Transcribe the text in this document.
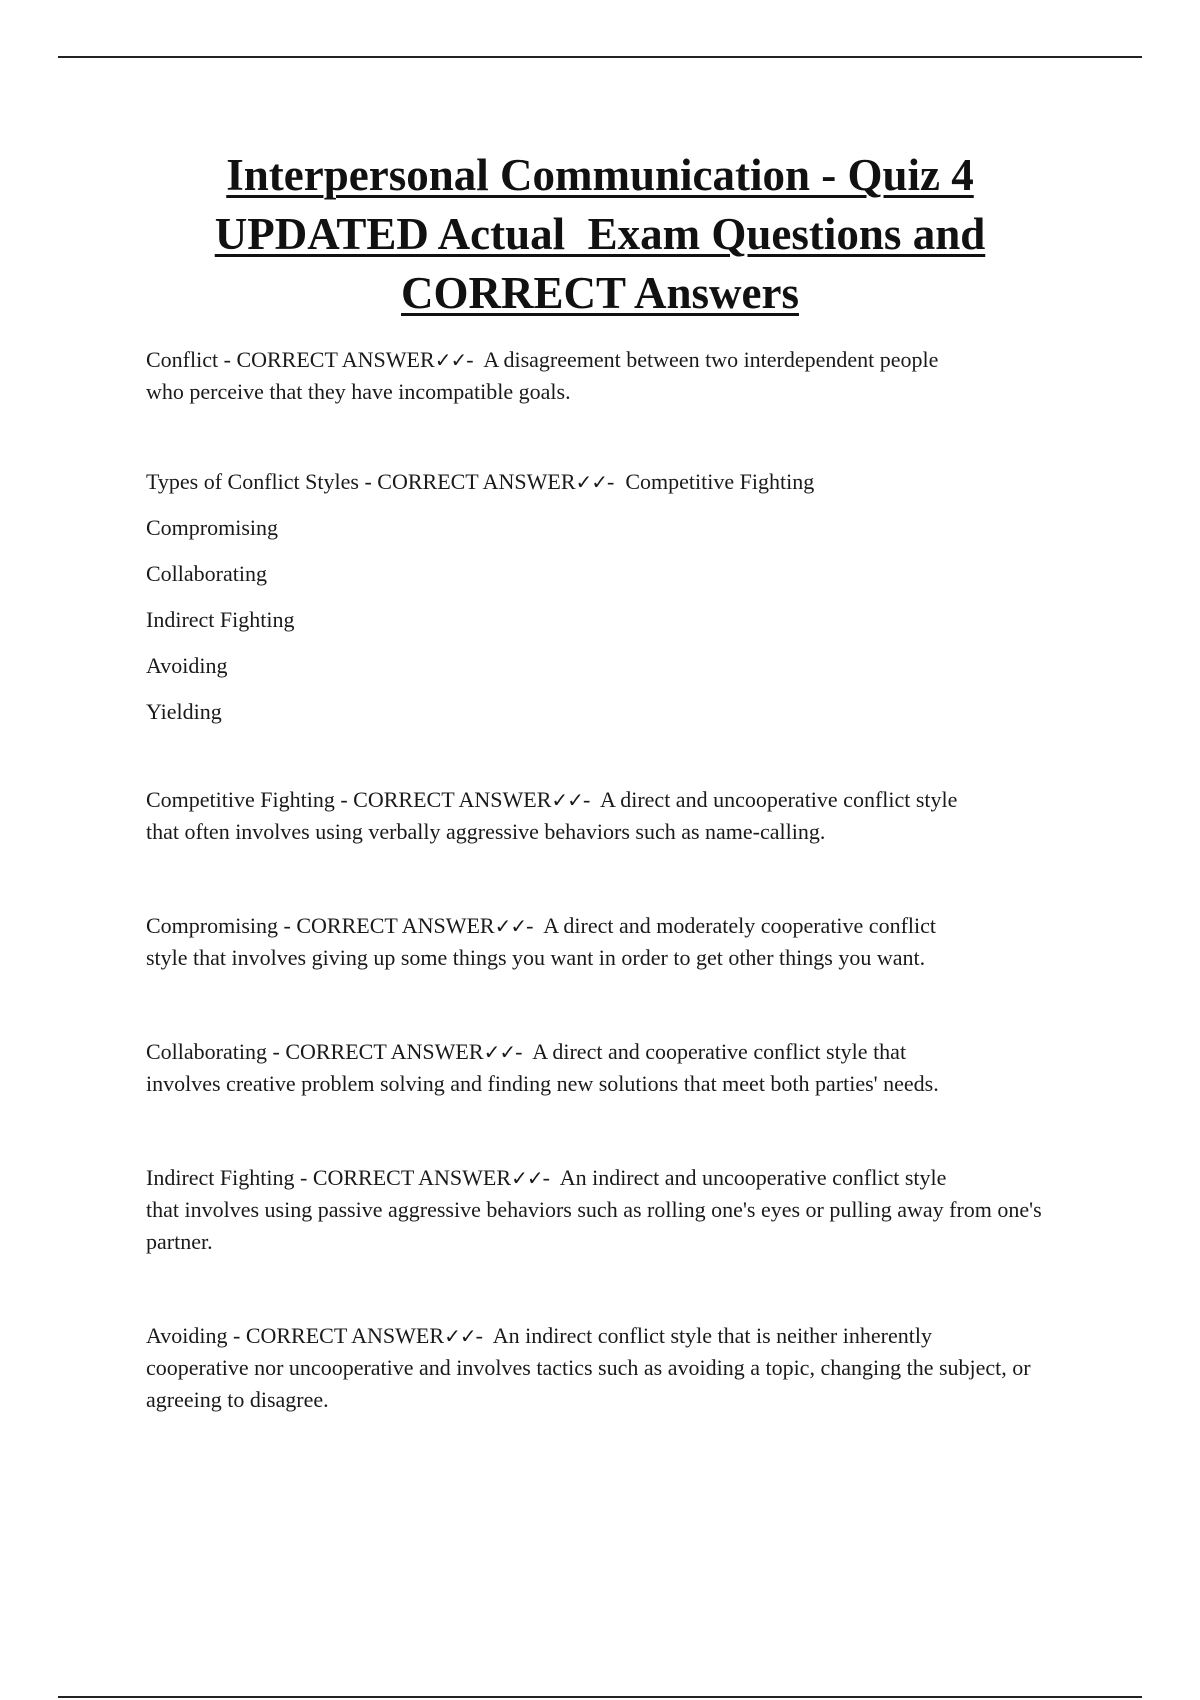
Interpersonal Communication - Quiz 4
UPDATED Actual  Exam Questions and
CORRECT Answers

Conflict - CORRECT ANSWER✓✓-  A disagreement between two interdependent people
who perceive that they have incompatible goals.

Types of Conflict Styles - CORRECT ANSWER✓✓-  Competitive Fighting

Compromising

Collaborating

Indirect Fighting

Avoiding

Yielding

Competitive Fighting - CORRECT ANSWER✓✓-  A direct and uncooperative conflict style
that often involves using verbally aggressive behaviors such as name-calling.

Compromising - CORRECT ANSWER✓✓-  A direct and moderately cooperative conflict
style that involves giving up some things you want in order to get other things you want.

Collaborating - CORRECT ANSWER✓✓-  A direct and cooperative conflict style that
involves creative problem solving and finding new solutions that meet both parties' needs.

Indirect Fighting - CORRECT ANSWER✓✓-  An indirect and uncooperative conflict style
that involves using passive aggressive behaviors such as rolling one's eyes or pulling away from one's partner.

Avoiding - CORRECT ANSWER✓✓-  An indirect conflict style that is neither inherently
cooperative nor uncooperative and involves tactics such as avoiding a topic, changing the subject, or agreeing to disagree.
